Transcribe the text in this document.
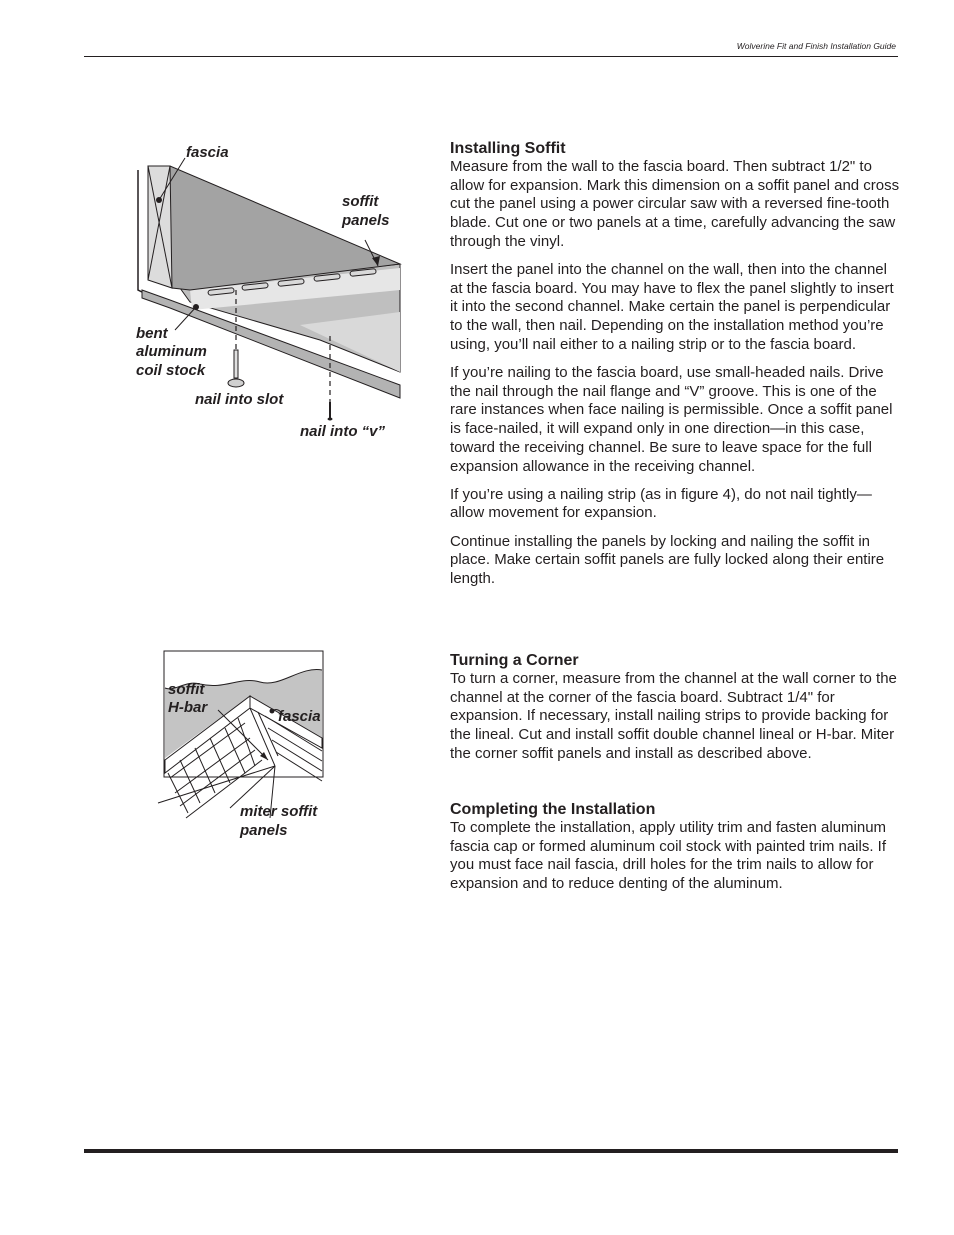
Wolverine Fit and Finish Installation Guide
fascia
soffit
panels
bent
aluminum
coil stock
nail into slot
nail into “v”
soffit
H-bar
fascia
miter soffit
panels
Installing Soffit

Measure from the wall to the fascia board. Then subtract 1/2" to allow for expansion. Mark this dimension on a soffit panel and cross cut the panel using a power circular saw with a reversed fine-tooth blade. Cut one or two panels at a time, carefully advancing the saw through the vinyl.

Insert the panel into the channel on the wall, then into the channel at the fascia board. You may have to flex the panel slightly to insert it into the second channel. Make certain the panel is perpendicular to the wall, then nail. Depending on the installation method you’re using, you’ll nail either to a nailing strip or to the fascia board.

If you’re nailing to the fascia board, use small-headed nails. Drive the nail through the nail flange and “V” groove. This is one of the rare instances when face nailing is permissible. Once a soffit panel is face-nailed, it will expand only in one direction—in this case, toward the receiving channel. Be sure to leave space for the full expansion allowance in the receiving channel.

If you’re using a nailing strip (as in figure 4), do not nail tightly—allow movement for expansion.

Continue installing the panels by locking and nailing the soffit in place. Make certain soffit panels are fully locked along their entire length.

Turning a Corner

To turn a corner, measure from the channel at the wall corner to the channel at the corner of the fascia board. Subtract 1/4" for expansion. If necessary, install nailing strips to provide backing for the lineal. Cut and install soffit double channel lineal or H-bar. Miter the corner soffit panels and install as described above.

Completing the Installation

To complete the installation, apply utility trim and fasten aluminum fascia cap or formed aluminum coil stock with painted trim nails. If you must face nail fascia, drill holes for the trim nails to allow for expansion and to reduce denting of the aluminum.
